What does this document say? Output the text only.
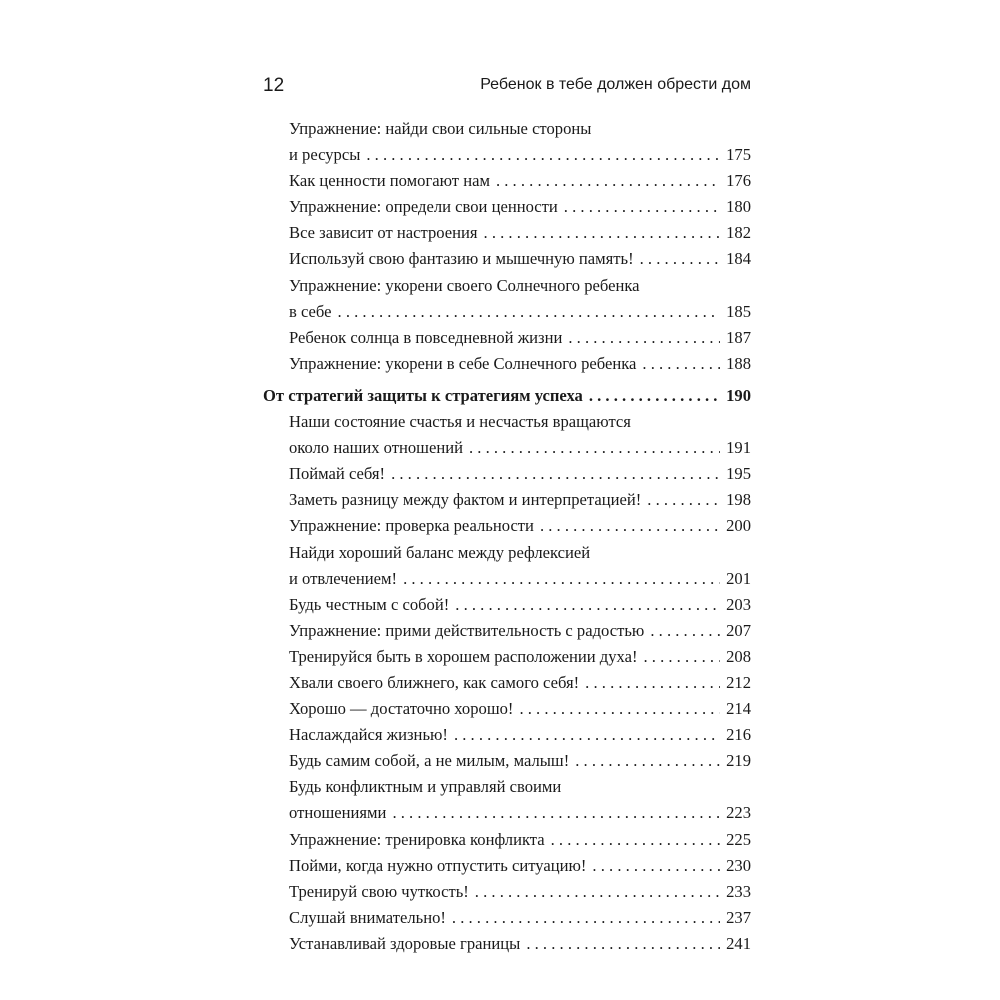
12	Ребенок в тебе должен обрести дом
Упражнение: найди свои сильные стороны
и ресурсы . . .	175
Как ценности помогают нам . . .	176
Упражнение: определи свои ценности . . .	180
Все зависит от настроения . . .	182
Используй свою фантазию и мышечную память! . . .	184
Упражнение: укорени своего Солнечного ребенка
в себе . . .	185
Ребенок солнца в повседневной жизни . . .	187
Упражнение: укорени в себе Солнечного ребенка . . .	188
От стратегий защиты к стратегиям успеха . . .	190
Наши состояние счастья и несчастья вращаются
около наших отношений . . .	191
Поймай себя! . . .	195
Заметь разницу между фактом и интерпретацией! . . .	198
Упражнение: проверка реальности . . .	200
Найди хороший баланс между рефлексией
и отвлечением! . . .	201
Будь честным с собой! . . .	203
Упражнение: прими действительность с радостью . . .	207
Тренируйся быть в хорошем расположении духа! . . .	208
Хвали своего ближнего, как самого себя! . . .	212
Хорошо — достаточно хорошо! . . .	214
Наслаждайся жизнью! . . .	216
Будь самим собой, а не милым, малыш! . . .	219
Будь конфликтным и управляй своими
отношениями . . .	223
Упражнение: тренировка конфликта . . .	225
Пойми, когда нужно отпустить ситуацию! . . .	230
Тренируй свою чуткость! . . .	233
Слушай внимательно! . . .	237
Устанавливай здоровые границы . . .	241
